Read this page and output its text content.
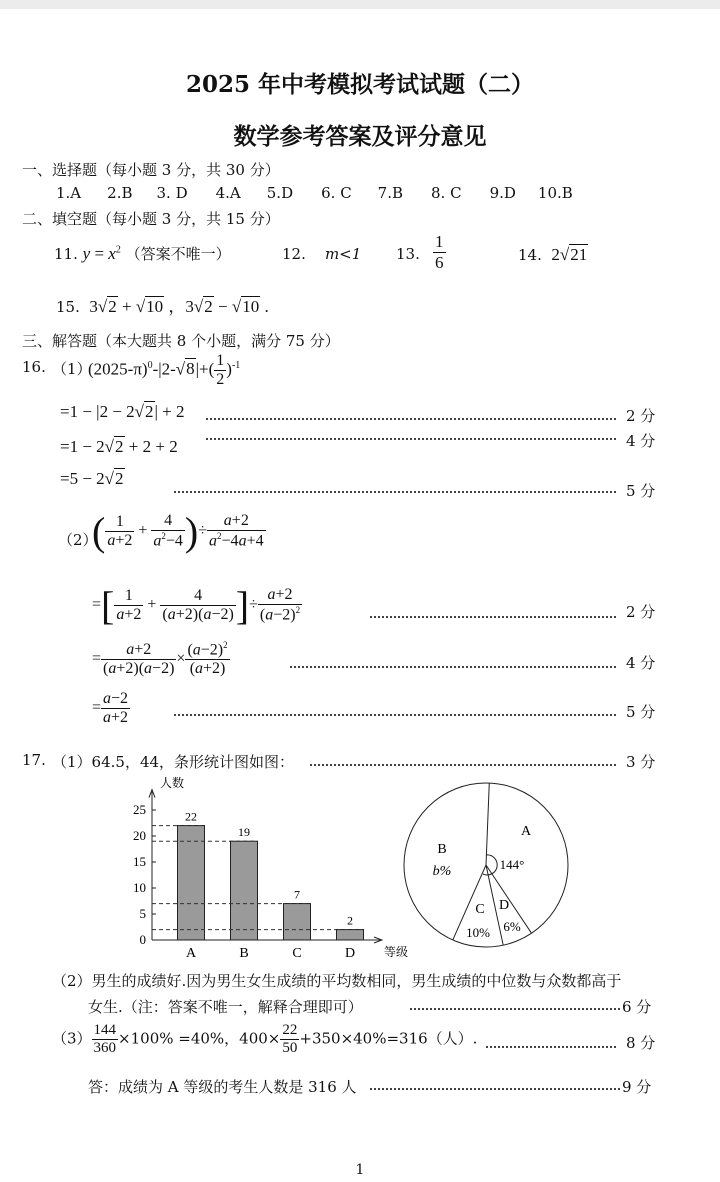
2025 年中考模拟考试试题（二）
数学参考答案及评分意见
一、选择题（每小题 3 分，共 30 分）
1.A 2.B 3. D 4.A 5.D 6. C 7.B 8. C 9.D 10.B
二、填空题（每小题 3 分，共 15 分）
11. $y = x^2$ （答案不唯一）	12. m<1 13. $\frac{1}{6}$	14. 2√21
15. 3√2 + √10 ，3√2 − √10 .
三、解答题（本大题共 8 个小题，满分 75 分）
16. （1）
$(2025-\pi)^0-|2-√8|+( \frac{1}{2} )^{-1}$
=1 − |2 − 2√2| + 2	2 分
=1 − 2√2 + 2 + 2	4 分
=5 − 2√2
5 分
（2）
( $\frac{1}{a+2} + \frac{4}{a^2-4}$ )÷ $\frac{a+2}{a^2-4a+4}$
=[ $\frac{1}{a+2} + \frac{4}{(a+2)(a-2)}$ ]÷ $\frac{a+2}{(a-2)^2}$	2 分
= $\frac{a+2}{(a+2)(a-2)} \times \frac{(a-2)^2}{(a+2)}$	4 分
= $\frac{a-2}{a+2}$	5 分
17. （1）64.5，44，条形统计图如图：	3 分
人数
等级
0
5
10
15
20
25	22
A
19
B
7
C
2
D
A
B
C D
b%
10% 6%
144°
（2）男生的成绩好.因为男生女生成绩的平均数相同，男生成绩的中位数与众数都高于
女生.（注：答案不唯一，解释合理即可）	6 分
$(3) \frac{144}{360} \times 100\% =40\%$，$400\times \frac{22}{50} +350\times 40\%=316$（人）.	8 分
答：成绩为 A 等级的考生人数是 316 人	9 分
1
